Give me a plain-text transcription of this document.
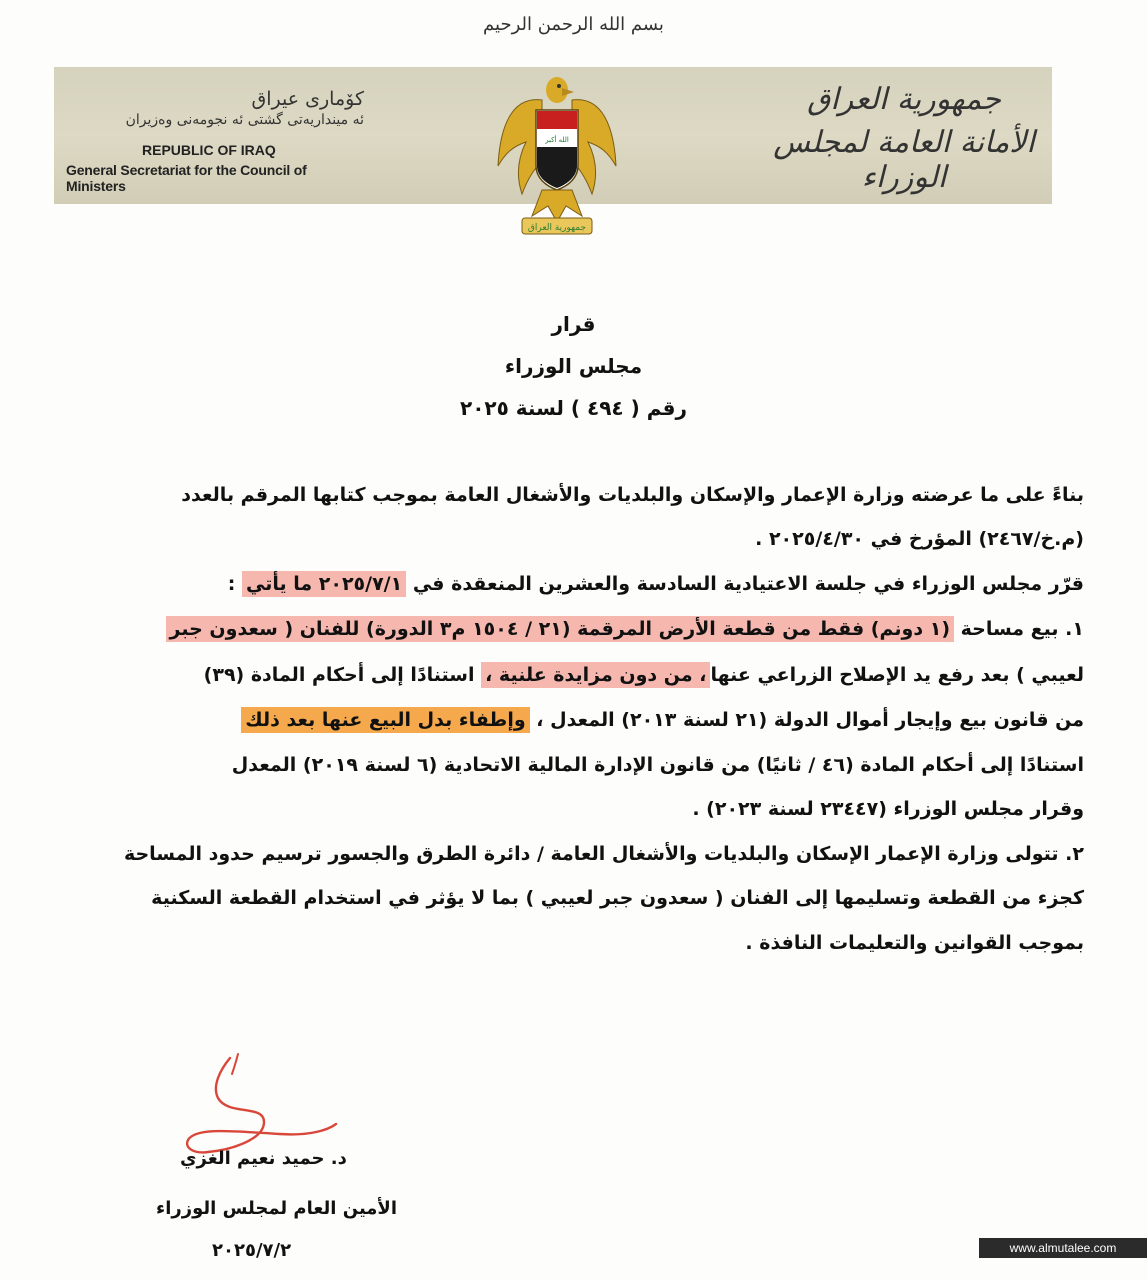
بسم الله الرحمن الرحيم
كۆماری عیراق
ئه‌ مینداریه‌تی گشتی ئه‌ نجومه‌نی وه‌زیران
REPUBLIC OF IRAQ
General Secretariat for the Council of Ministers
جمهورية العراق
الأمانة العامة لمجلس الوزراء
الله أكبر
جمهورية العراق
قرار
مجلس الوزراء
رقم ( ٤٩٤ ) لسنة ٢٠٢٥
بناءً على ما عرضته وزارة الإعمار والإسكان والبلديات والأشغال العامة بموجب كتابها المرقم بالعدد
(م.خ/٢٤٦٧) المؤرخ في ٢٠٢٥/٤/٣٠ .
قرّر مجلس الوزراء في جلسة الاعتيادية السادسة والعشرين المنعقدة في ٢٠٢٥/٧/١ ما يأتي :
١. بيع مساحة (١ دونم) فقط من قطعة الأرض المرقمة (٢١ / ١٥٠٤ م٣ الدورة) للفنان ( سعدون جبر
لعيبي ) بعد رفع يد الإصلاح الزراعي عنها، من دون مزايدة علنية ، استنادًا إلى أحكام المادة (٣٩)
من قانون بيع وإيجار أموال الدولة (٢١ لسنة ٢٠١٣) المعدل ، وإطفاء بدل البيع عنها بعد ذلك
استنادًا إلى أحكام المادة (٤٦ / ثانيًا) من قانون الإدارة المالية الاتحادية (٦ لسنة ٢٠١٩) المعدل
وقرار مجلس الوزراء (٢٣٤٤٧ لسنة ٢٠٢٣) .
٢. تتولى وزارة الإعمار الإسكان والبلديات والأشغال العامة / دائرة الطرق والجسور ترسيم حدود المساحة
كجزء من القطعة وتسليمها إلى الفنان ( سعدون جبر لعيبي ) بما لا يؤثر في استخدام القطعة السكنية
بموجب القوانين والتعليمات النافذة .
د. حميد نعيم الغزي
الأمين العام لمجلس الوزراء
٢٠٢٥/٧/٢	www.almutalee.com
